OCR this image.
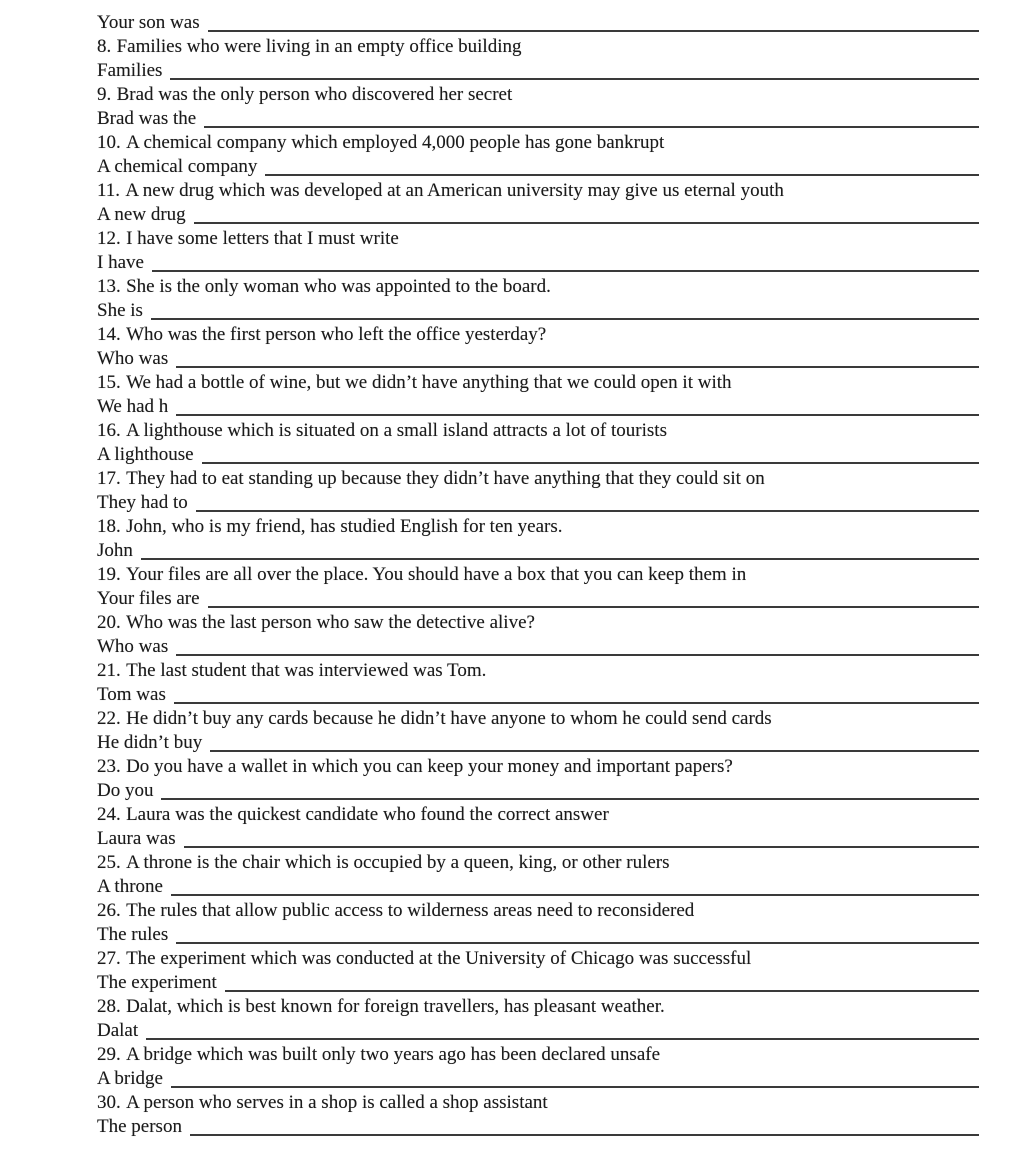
Your son was
8. Families who were living in an empty office building
Families
9. Brad was the only person who discovered her secret
Brad was the
10. A chemical company which employed 4,000 people has gone bankrupt
A chemical company
11. A new drug which was developed at an American university may give us eternal youth
A new drug
12. I have some letters that I must write
I have
13. She is the only woman who was appointed to the board.
She is
14. Who was the first person who left the office yesterday?
Who was
15. We had a bottle of wine, but we didn’t have anything that we could open it with
We had h
16. A lighthouse which is situated on a small island attracts a lot of tourists
A lighthouse
17. They had to eat standing up because they didn’t have anything that they could sit on
They had to
18. John, who is my friend, has studied English for ten years.
John
19. Your files are all over the place. You should have a box that you can keep them in
Your files are
20. Who was the last person who saw the detective alive?
Who was
21. The last student that was interviewed was Tom.
Tom was
22. He didn’t buy any cards because he didn’t have anyone to whom he could send cards
He didn’t buy
23. Do you have a wallet in which you can keep your money and important papers?
Do you
24. Laura was the quickest candidate who found the correct answer
Laura was
25. A throne is the chair which is occupied by a queen, king, or other rulers
A throne
26. The rules that allow public access to wilderness areas need to reconsidered
The rules
27. The experiment which was conducted at the University of Chicago was successful
The experiment
28. Dalat, which is best known for foreign travellers, has pleasant weather.
Dalat
29. A bridge which was built only two years ago has been declared unsafe
A bridge
30. A person who serves in a shop is called a shop assistant
The person
